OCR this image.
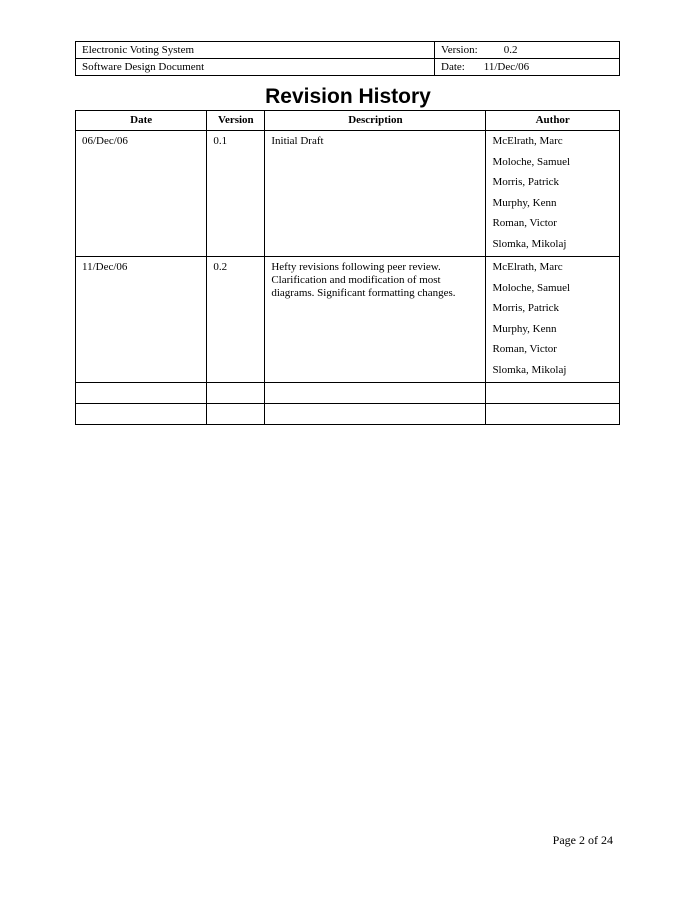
Electronic Voting System	Version: 0.2
Software Design Document	Date: 11/Dec/06
Revision History
Date	Version	Description	Author
06/Dec/06	0.1	Initial Draft	McElrath, Marc
Moloche, Samuel
Morris, Patrick
Murphy, Kenn
Roman, Victor
Slomka, Mikolaj

11/Dec/06	0.2	Hefty revisions following peer review. Clarification and modification of most diagrams. Significant formatting changes.	
McElrath, Marc
Moloche, Samuel
Morris, Patrick
Murphy, Kenn
Roman, Victor
Slomka, Mikolaj

Page 2 of 24
